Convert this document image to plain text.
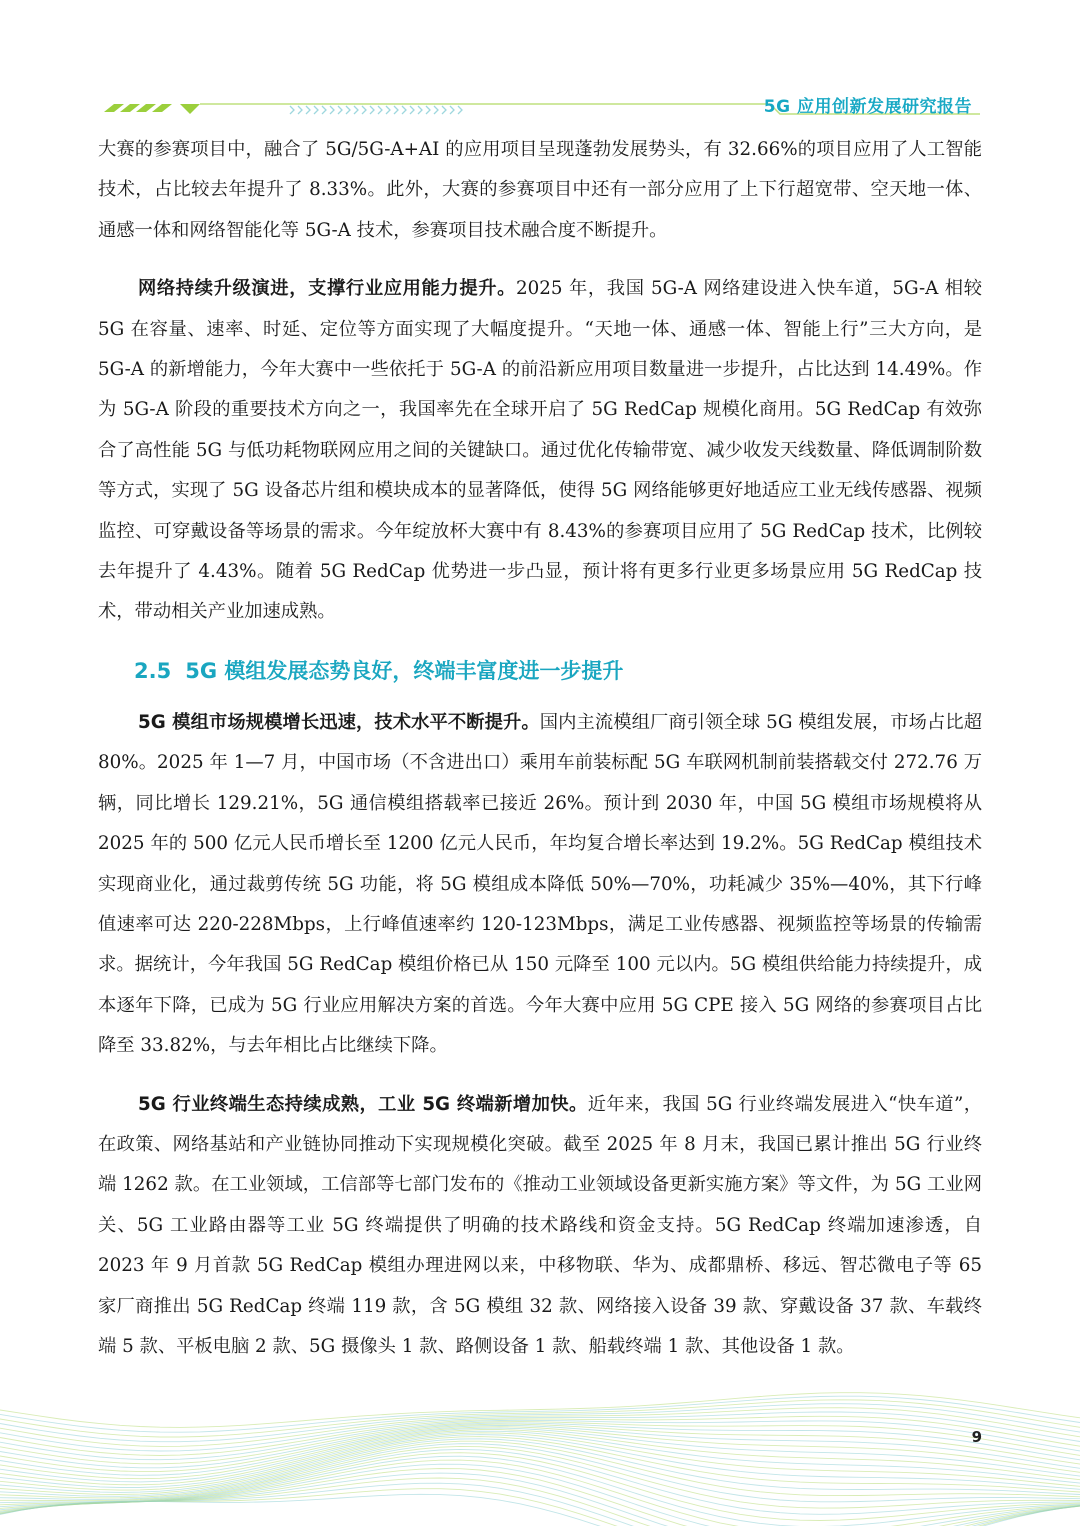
5G 应用创新发展研究报告

大赛的参赛项目中，融合了 5G/5G-A+AI 的应用项目呈现蓬勃发展势头，有 32.66%的项目应用了人工智能技术，占比较去年提升了 8.33%。此外，大赛的参赛项目中还有一部分应用了上下行超宽带、空天地一体、通感一体和网络智能化等 5G-A 技术，参赛项目技术融合度不断提升。

网络持续升级演进，支撑行业应用能力提升。2025 年，我国 5G-A 网络建设进入快车道，5G-A 相较 5G 在容量、速率、时延、定位等方面实现了大幅度提升。“天地一体、通感一体、智能上行”三大方向，是 5G-A 的新增能力，今年大赛中一些依托于 5G-A 的前沿新应用项目数量进一步提升，占比达到 14.49%。作为 5G-A 阶段的重要技术方向之一，我国率先在全球开启了 5G RedCap 规模化商用。5G RedCap 有效弥合了高性能 5G 与低功耗物联网应用之间的关键缺口。通过优化传输带宽、减少收发天线数量、降低调制阶数等方式，实现了 5G 设备芯片组和模块成本的显著降低，使得 5G 网络能够更好地适应工业无线传感器、视频监控、可穿戴设备等场景的需求。今年绽放杯大赛中有 8.43%的参赛项目应用了 5G RedCap 技术，比例较去年提升了 4.43%。随着 5G RedCap 优势进一步凸显，预计将有更多行业更多场景应用 5G RedCap 技术，带动相关产业加速成熟。

2.5 5G 模组发展态势良好，终端丰富度进一步提升

5G 模组市场规模增长迅速，技术水平不断提升。国内主流模组厂商引领全球 5G 模组发展，市场占比超 80%。2025 年 1—7 月，中国市场（不含进出口）乘用车前装标配 5G 车联网机制前装搭载交付 272.76 万辆，同比增长 129.21%，5G 通信模组搭载率已接近 26%。预计到 2030 年，中国 5G 模组市场规模将从 2025 年的 500 亿元人民币增长至 1200 亿元人民币，年均复合增长率达到 19.2%。5G RedCap 模组技术实现商业化，通过裁剪传统 5G 功能，将 5G 模组成本降低 50%—70%，功耗减少 35%—40%，其下行峰值速率可达 220-228Mbps，上行峰值速率约 120-123Mbps，满足工业传感器、视频监控等场景的传输需求。据统计，今年我国 5G RedCap 模组价格已从 150 元降至 100 元以内。5G 模组供给能力持续提升，成本逐年下降，已成为 5G 行业应用解决方案的首选。今年大赛中应用 5G CPE 接入 5G 网络的参赛项目占比降至 33.82%，与去年相比占比继续下降。

5G 行业终端生态持续成熟，工业 5G 终端新增加快。近年来，我国 5G 行业终端发展进入“快车道”，在政策、网络基站和产业链协同推动下实现规模化突破。截至 2025 年 8 月末，我国已累计推出 5G 行业终端 1262 款。在工业领域，工信部等七部门发布的《推动工业领域设备更新实施方案》等文件，为 5G 工业网关、5G 工业路由器等工业 5G 终端提供了明确的技术路线和资金支持。5G RedCap 终端加速渗透，自 2023 年 9 月首款 5G RedCap 模组办理进网以来，中移物联、华为、成都鼎桥、移远、智芯微电子等 65 家厂商推出 5G RedCap 终端 119 款，含 5G 模组 32 款、网络接入设备 39 款、穿戴设备 37 款、车载终端 5 款、平板电脑 2 款、5G 摄像头 1 款、路侧设备 1 款、船载终端 1 款、其他设备 1 款。

9
